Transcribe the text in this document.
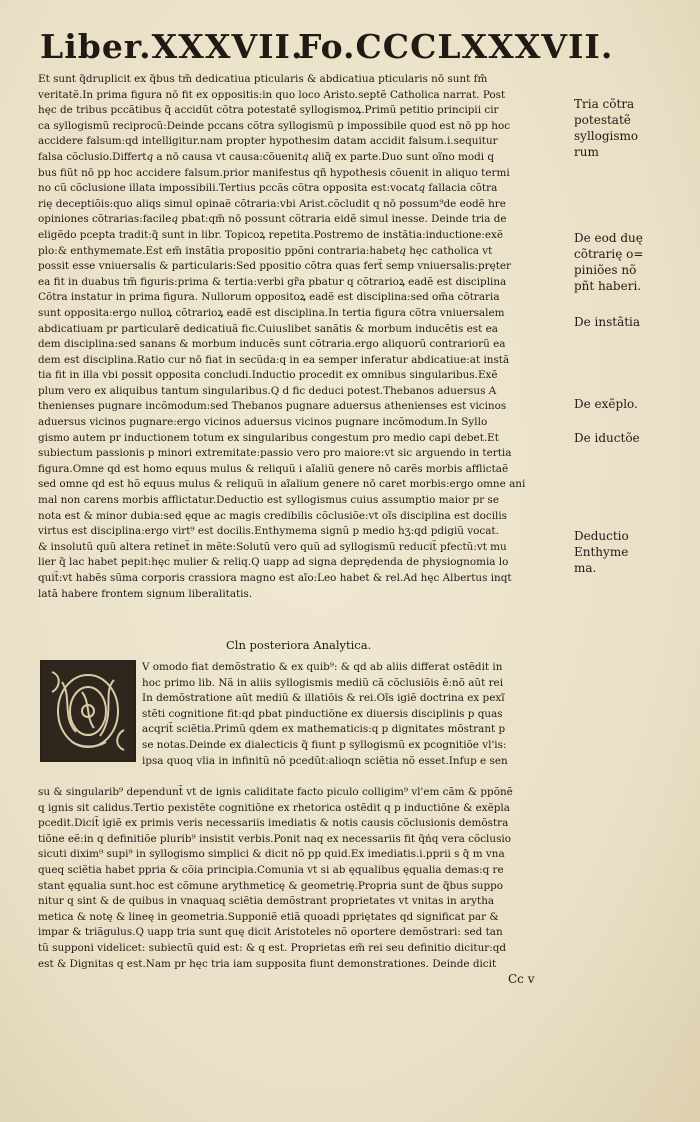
Liber.XXXVII.
Fo.CCCLXXXVII.
Et sunt q̃druplicit ex q̃bus tm̃ dedicatiua pticularis & abdicatiua pticularis nō sunt fm̃
veritatẽ.In prima figura nō fit ex oppositis:in quo loco Aristo.septẽ Catholica narrat. Post
hęc de tribus pccãtibus q̃ accidũt cõtra potestatẽ syllogismoꝝ.Primũ petitio principii cir
ca syllogismũ reciprocũ:Deinde pccans cõtra syllogismũ p impossibile quod est nō pp hoc
accidere falsum:qd intelligitur.nam propter hypothesim datam accidit falsum.i.sequitur
falsa cõclusio.Differt𝑞 a nō causa vt causa:cõuenit𝑞 aliq̃ ex parte.Duo sunt oĩno modi q
bus fiũt nō pp hoc accidere falsum.prior manifestus qñ hypothesis cõuenit in aliquo termi
no cũ cõclusione illata impossibili.Tertius pccãs cõtra opposita est:vocat𝑞 fallacia cõtra
rię deceptiõis:quo aliqs simul opinaẽ cõtraria:vbi Arist.cõcludit q nō possum⁹de eodẽ hre
opiniones cõtrarias:facile𝑞 pbat:qm̃ nō possunt cõtraria eidẽ simul inesse. Deinde tria de
eligẽdo pcepta tradit:q̃ sunt in libr. Topicoꝝ repetita.Postremo de instãtia:inductione:exẽ
plo:& enthymemate.Est em̃ instãtia propositio ppõni contraria:habet𝑞 hęc catholica vt
possit esse vniuersalis & particularis:Sed ppositio cõtra quas fert̃ semp vniuersalis:pręter
ea fit in duabus tm̃ figuris:prima & tertia:verbi gr̃a pbatur q cõtrarioꝝ eadẽ est disciplina
Cõtra instatur in prima figura. Nullorum oppositoꝝ eadẽ est disciplina:sed om̃a cõtraria
sunt opposita:ergo nulloꝝ cõtrarioꝝ eadẽ est disciplina.In tertia figura cõtra vniuersalem
abdicatiuam pr particularẽ dedicatiuã fic.Cuiuslibet sanãtis & morbum inducẽtis est ea
dem disciplina:sed sanans & morbum inducẽs sunt cõtraria.ergo aliquorũ contrariorũ ea
dem est disciplina.Ratio cur nō fiat in secũda:q in ea semper inferatur abdicatiue:at instã
tia fit in illa vbi possit opposita concludi.Inductio procedit ex omnibus singularibus.Exẽ
plum vero ex aliquibus tantum singularibus.Q d fic deduci potest.Thebanos aduersus A
thenienses pugnare incõmodum:sed Thebanos pugnare aduersus athenienses est vicinos
aduersus vicinos pugnare:ergo vicinos aduersus vicinos pugnare incõmodum.In Syllo
gismo autem pr inductionem totum ex singularibus congestum pro medio capi debet.Et
subiectum passionis p minori extremitate:passio vero pro maiore:vt sic arguendo in tertia
figura.Omne qd est homo equus mulus & reliquũ i aĩaliũ genere nō carẽs morbis afflictaẽ
sed omne qd est hõ equus mulus & reliquũ in aĩalium genere nō caret morbis:ergo omne ani
mal non carens morbis afflictatur.Deductio est syllogismus cuius assumptio maior pr se
nota est & minor dubia:sed ęque ac magis credibilis cõclusiõe:vt oĩs disciplina est docilis
virtus est disciplina:ergo virt⁹ est docilis.Enthymema signũ p medio hʒ:qd pdigiũ vocat.
& insolutũ quũ altera retinet̃ in mẽte:Solutũ vero quũ ad syllogismũ reducit̃ pfectũ:vt mu
lier q̃ lac habet pepit:hęc mulier & reliq.Q uapp ad signa deprędenda de physiognomia lo
quit̃:vt habẽs sũma corporis crassiora magno est aĩo:Leo habet & rel.Ad hęc Albertus inqt
latã habere frontem signum liberalitatis.
Tria cõtra
potestatẽ
syllogismo
rum
De eod duę
cõtrarię o=
piniões nõ
pñt haberi.
De instãtia
De exẽplo.
De iductõe
Deductio
Enthyme
ma.
Cln posteriora Analytica.
V omodo fiat demõstratio & ex quib⁹: & qd ab aliis differat ostẽdit in
hoc primo lib. Nã in aliis syllogismis mediũ cã cõclusiõis ẽ:nõ aũt rei
In demõstratione aũt mediũ & illatiõis & rei.Oĩs igiẽ doctrina ex pexĩ
stẽti cognitione fit:qd pbat pinductiõne ex diuersis disciplinis p quas
acqrit̃ sciẽtia.Primũ qdem ex mathematicis:q p dignitates mõstrant p
se notas.Deinde ex dialecticis q̃ fiunt p syllogismũ ex pcognitiõe vl'is:
ipsa quoq vlia in infinitũ nõ pcedũt:alioqn sciẽtia nõ esset.Infup e sen
su & singularib⁹ dependunt̃ vt de ignis caliditate facto piculo colligim⁹ vl'em cãm & ppõnẽ
q ignis sit calidus.Tertio pexistẽte cognitiõne ex rhetorica ostẽdit q p inductiõne & exẽpla
pcedit.Dicit̃ igiẽ ex primis veris necessariis imediatis & notis causis cõclusionis demõstra
tiõne eẽ:in q definitiõe plurib⁹ insistit verbis.Ponit naq ex necessariis fit q̃ńq vera cõclusio
sicuti dixim⁹ supi⁹ in syllogismo simplici & dicit nõ pp quid.Ex imediatis.i.pprii s q̃ m vna
queq sciẽtia habet ppria & cõia principia.Comunia vt si ab ęqualibus ęqualia demas:q re
stant ęqualia sunt.hoc est cõmune arythmeticę & geometrię.Propria sunt de q̃bus suppo
nitur q sint & de quibus in vnaquaq sciẽtia demõstrant proprietates vt vnitas in arytha
metica & notę & lineę in geometria.Supponiẽ etiã quoadi ppriętates qd significat par &
impar & triãgulus.Q uapp tria sunt quę dicit Aristoteles nõ oportere demõstrari: sed tan
tũ supponi videlicet: subiectũ quid est: & q est. Proprietas em̃ rei seu definitio dicitur:qd
est & Dignitas q est.Nam pr hęc tria iam supposita fiunt demonstrationes. Deinde dicit
Cc v
